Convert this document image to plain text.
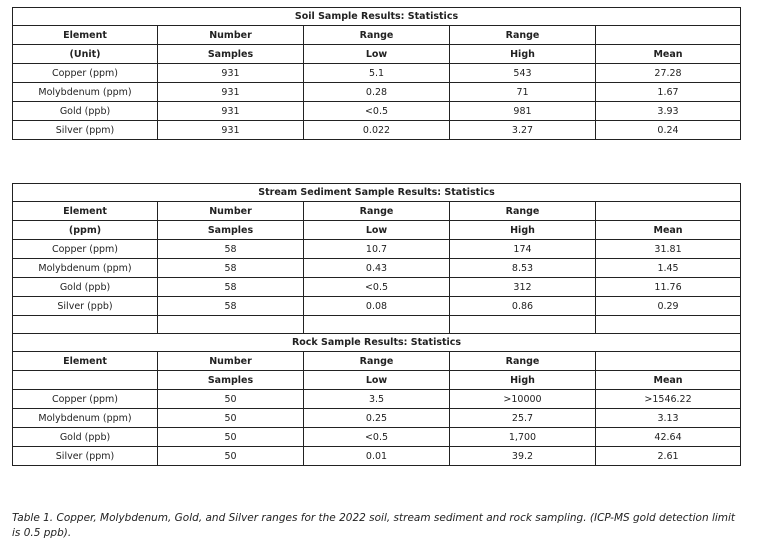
Soil Sample Results: Statistics				
Element	Number	Range	Range	
(Unit)	Samples	Low	High	Mean
Copper (ppm)	931	5.1	543	27.28
Molybdenum (ppm)	931	0.28	71	1.67
Gold (ppb)	931	<0.5	981	3.93
Silver (ppm)	931	0.022	3.27	0.24
Stream Sediment Sample Results: Statistics				
Element	Number	Range	Range	
(ppm)	Samples	Low	High	Mean
Copper (ppm)	58	10.7	174	31.81
Molybdenum (ppm)	58	0.43	8.53	1.45
Gold (ppb)	58	<0.5	312	11.76
Silver (ppb)	58	0.08	0.86	0.29

Rock Sample Results: Statistics				
Element	Number	Range	Range	
	Samples	Low	High	Mean
Copper (ppm)	50	3.5	>10000	>1546.22
Molybdenum (ppm)	50	0.25	25.7	3.13
Gold (ppb)	50	<0.5	1,700	42.64
Silver (ppm)	50	0.01	39.2	2.61
Table 1. Copper, Molybdenum, Gold, and Silver ranges for the 2022 soil, stream sediment and rock sampling. (ICP-MS gold detection limit is 0.5 ppb).
